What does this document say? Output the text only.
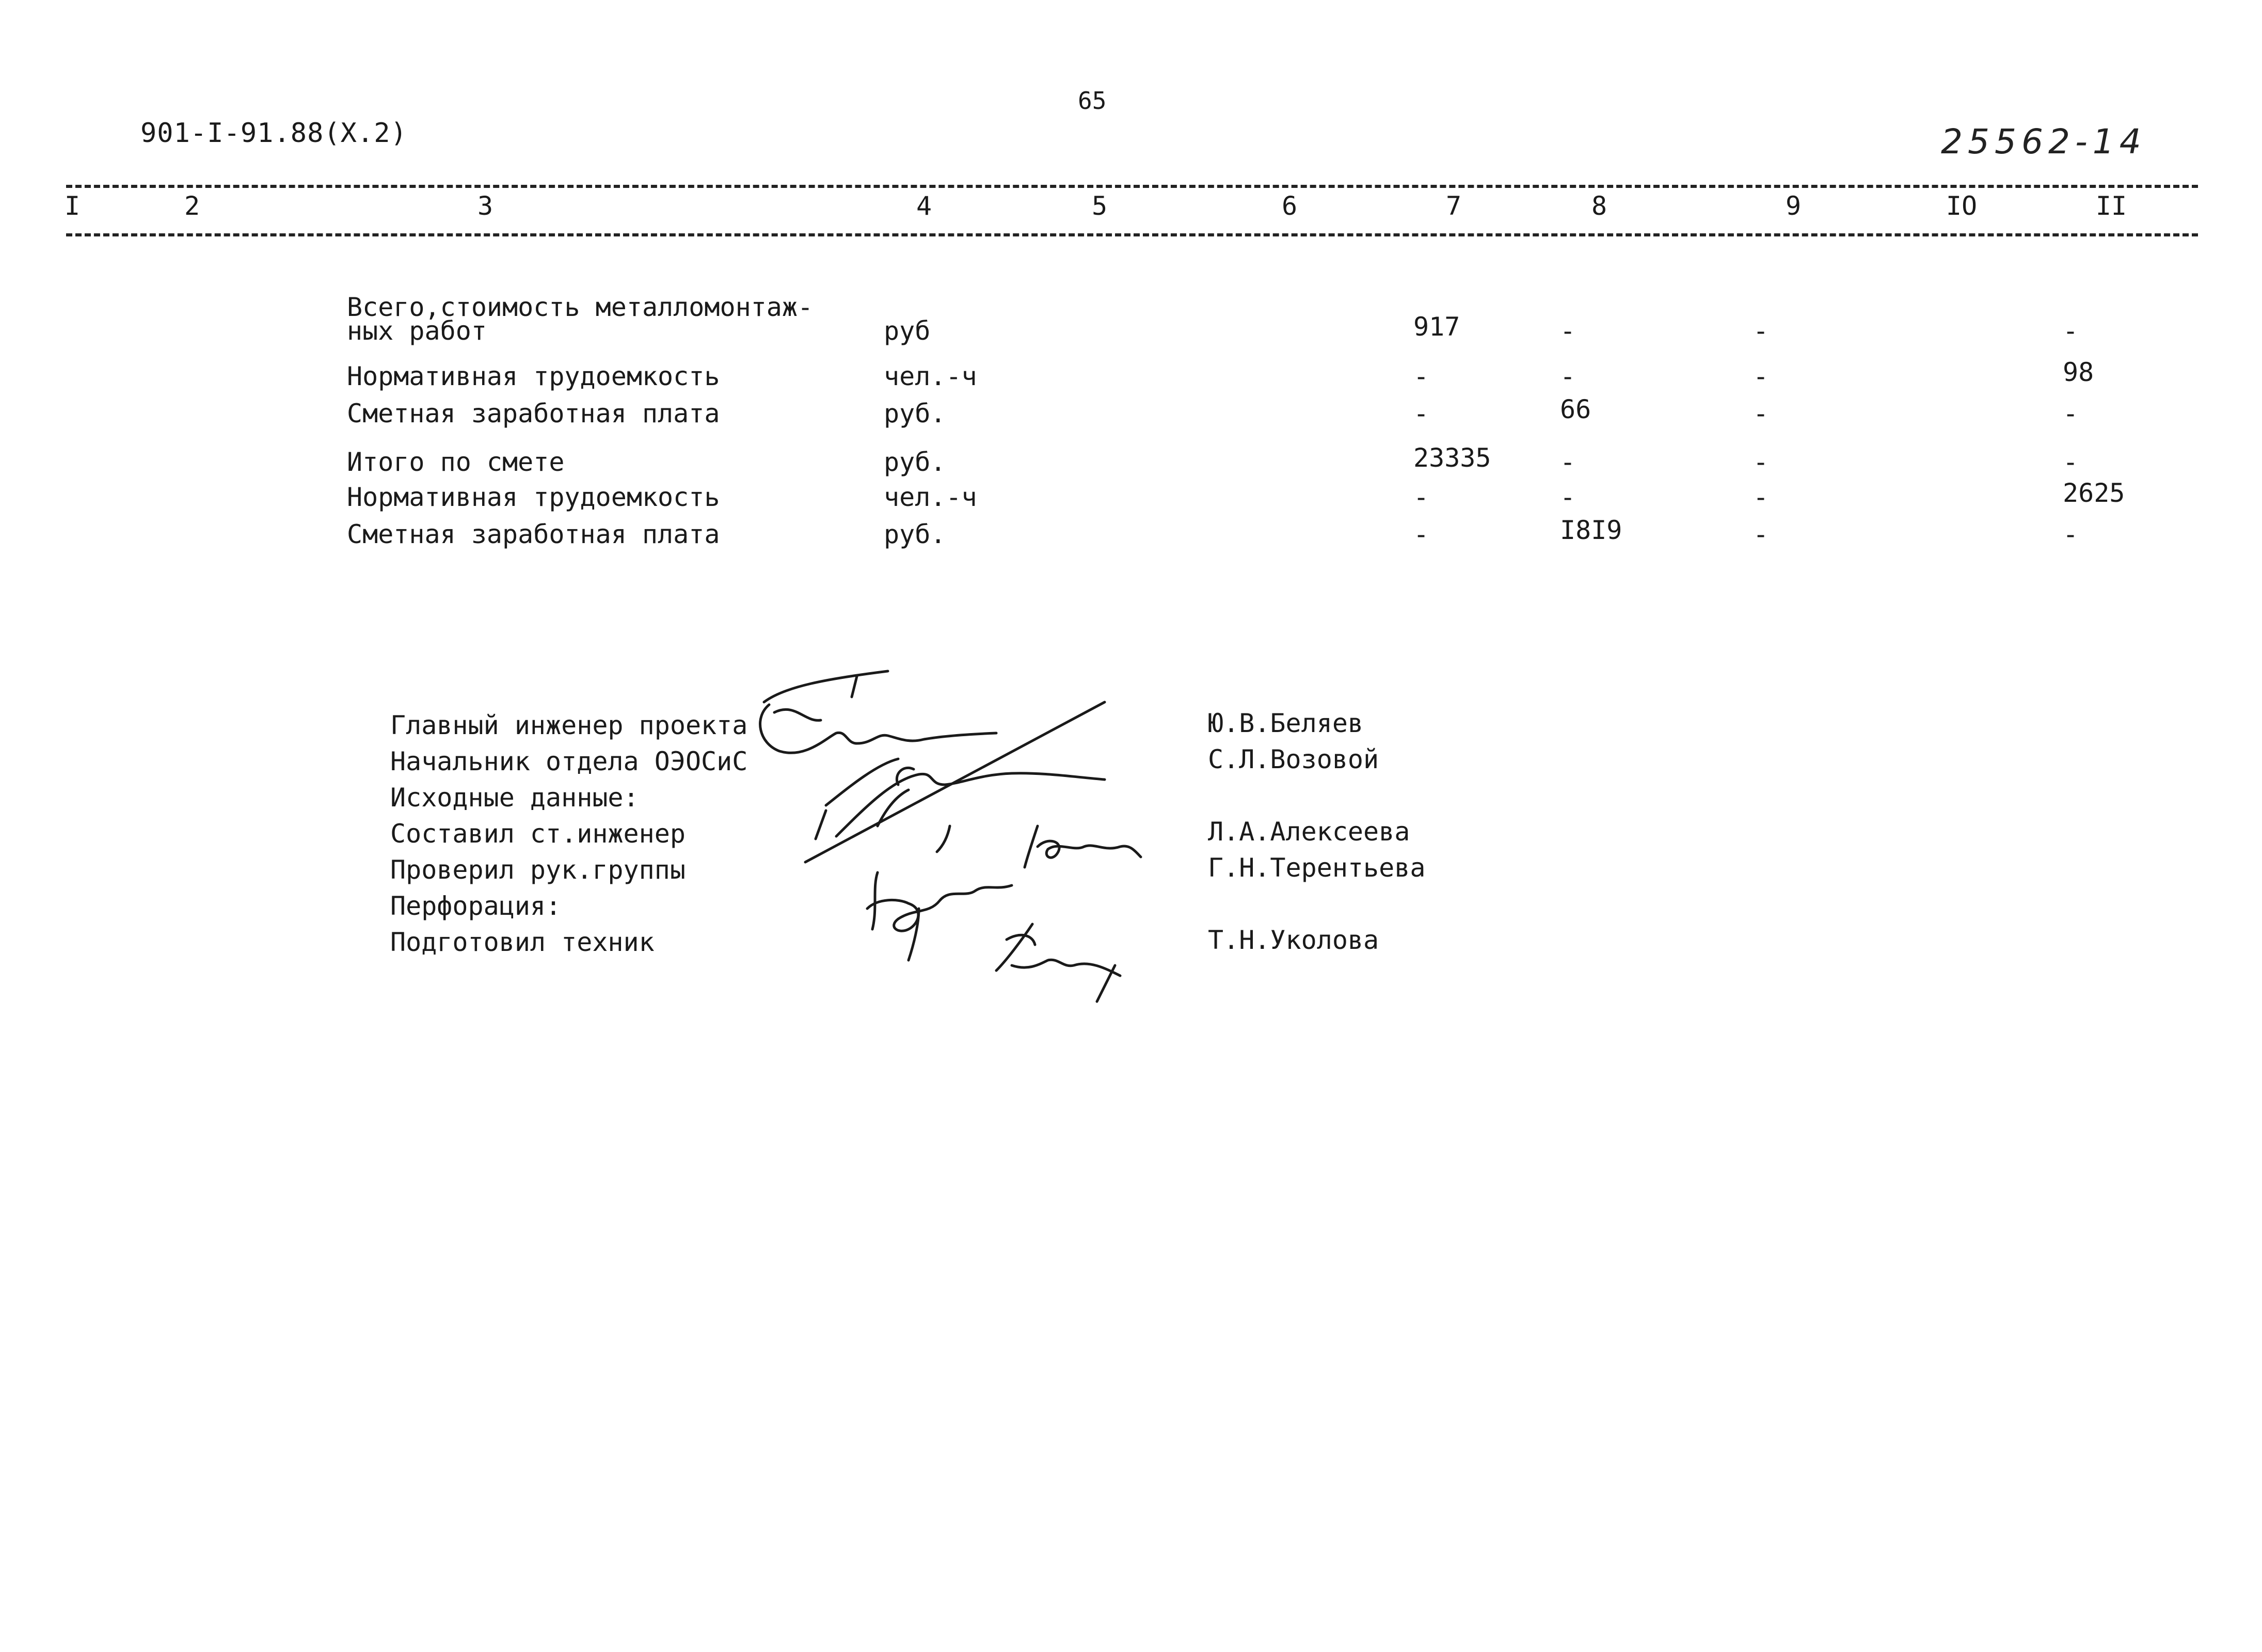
65
901-I-91.88(X.2)	25562-14
I	2	3	4	5	6	7	8	9	IO	II
Всего,стоимость металломонтаж-
ных работ	руб	917	-	-	-
Нормативная трудоемкость	чел.-ч	-	-	-	98
Сметная заработная плата	руб.	-	66	-	-
Итого по смете	руб.	23335	-	-	-
Нормативная трудоемкость	чел.-ч	-	-	-	2625
Сметная заработная плата	руб.	-	I8I9	-	-
Главный инженер проекта	Ю.В.Беляев
Начальник отдела ОЭОСиС	С.Л.Возовой
Исходные данные:
Составил ст.инженер	Л.А.Алексеева
Проверил рук.группы	Г.Н.Терентьева
Перфорация:
Подготовил техник	Т.Н.Уколова
